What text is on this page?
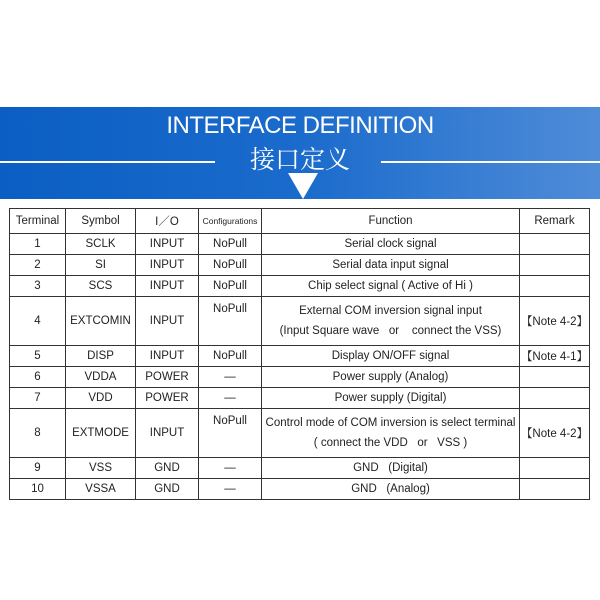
INTERFACE DEFINITION
接口定义
Terminal	Symbol	I／O	Configurations	Function	Remark
1	SCLK	INPUT	NoPull	Serial clock signal	

2	SI	INPUT	NoPull	Serial data input signal	

3	SCS	INPUT	NoPull	Chip select signal ( Active of Hi )	

4	EXTCOMIN	INPUT	NoPull	External COM inversion signal input
(Input Square wave   or    connect the VSS)	【Note 4-2】
5	DISP	INPUT	NoPull	Display ON/OFF signal	【Note 4-1】
6	VDDA	POWER	—	Power supply (Analog)	

7	VDD	POWER	—	Power supply (Digital)	

8	EXTMODE	INPUT	NoPull	Control mode of COM inversion is select terminal
( connect the VDD   or   VSS )	【Note 4-2】
9	VSS	GND	—	GND   (Digital)	

10	VSSA	GND	—	GND   (Analog)	
